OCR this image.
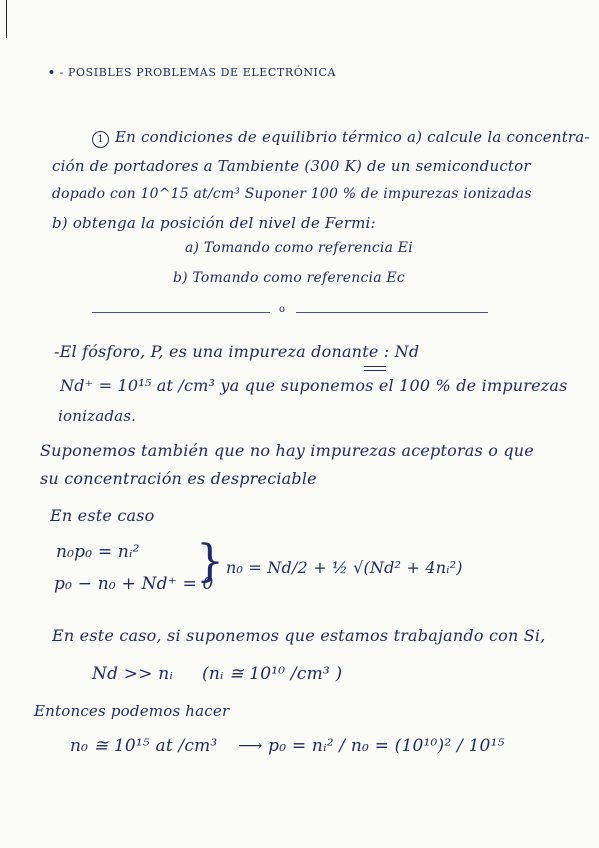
• - POSIBLES PROBLEMAS DE ELECTRÓNICA
1 En condiciones de equilibrio térmico a) calcule la concentra-
ción de portadores a Tambiente (300 K) de un semiconductor
dopado con 10^15 at/cm³ Suponer 100 % de impurezas ionizadas
b) obtenga la posición del nivel de Fermi:
a) Tomando como referencia Ei
b) Tomando como referencia Ec
o
-El fósforo, P, es una impureza donante : Nd
Nd⁺ = 10¹⁵ at /cm³ ya que suponemos el 100 % de impurezas
ionizadas.
Suponemos también que no hay impurezas aceptoras o que
su concentración es despreciable
En este caso
n₀p₀ = nᵢ²
p₀ − n₀ + Nd⁺ = 0
} n₀ = Nd/2 + ½ √(Nd² + 4nᵢ²)
En este caso, si suponemos que estamos trabajando con Si,
Nd >> nᵢ (nᵢ ≅ 10¹⁰ /cm³ )
Entonces podemos hacer
n₀ ≅ 10¹⁵ at /cm³ ⟶ p₀ = nᵢ² / n₀ = (10¹⁰)² / 10¹⁵
